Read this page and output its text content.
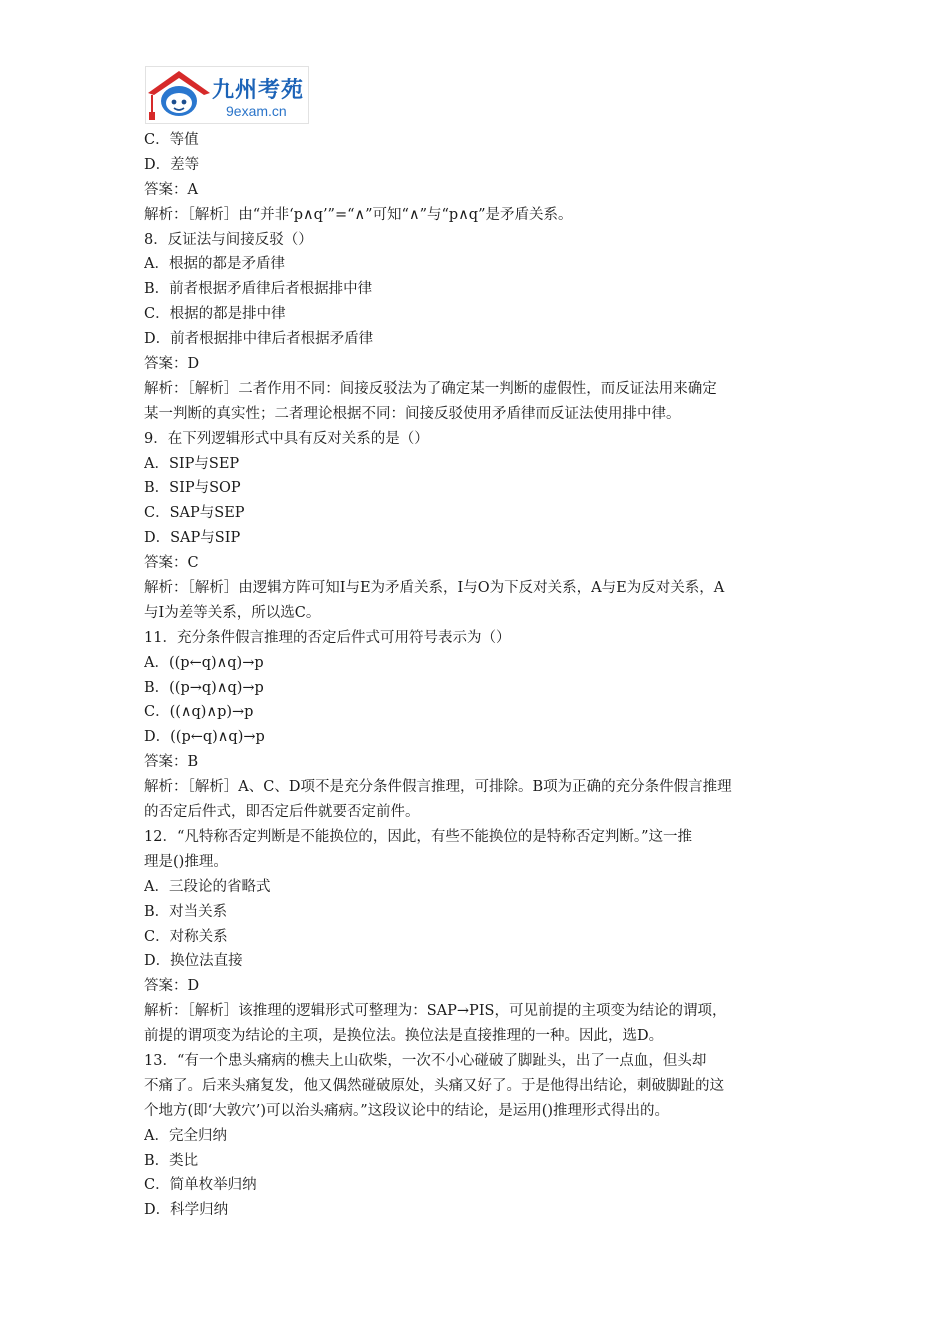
九州考苑
9exam.cn
C．等值
D．差等
答案：A
解析：［解析］由“并非‘p∧q’”=“∧”可知“∧”与“p∧q”是矛盾关系。
8．反证法与间接反驳（）
A．根据的都是矛盾律
B．前者根据矛盾律后者根据排中律
C．根据的都是排中律
D．前者根据排中律后者根据矛盾律
答案：D
解析：［解析］二者作用不同：间接反驳法为了确定某一判断的虚假性，而反证法用来确定
某一判断的真实性；二者理论根据不同：间接反驳使用矛盾律而反证法使用排中律。
9．在下列逻辑形式中具有反对关系的是（）
A．SIP与SEP
B．SIP与SOP
C．SAP与SEP
D．SAP与SIP
答案：C
解析：［解析］由逻辑方阵可知I与E为矛盾关系，I与O为下反对关系，A与E为反对关系，A
与I为差等关系，所以选C。
11．充分条件假言推理的否定后件式可用符号表示为（）
A．((p←q)∧q)→p
B．((p→q)∧q)→p
C．((∧q)∧p)→p
D．((p←q)∧q)→p
答案：B
解析：［解析］A、C、D项不是充分条件假言推理，可排除。B项为正确的充分条件假言推理
的否定后件式，即否定后件就要否定前件。
12．“凡特称否定判断是不能换位的，因此，有些不能换位的是特称否定判断。”这一推
理是()推理。
A．三段论的省略式
B．对当关系
C．对称关系
D．换位法直接
答案：D
解析：［解析］该推理的逻辑形式可整理为：SAP→PIS，可见前提的主项变为结论的谓项，
前提的谓项变为结论的主项，是换位法。换位法是直接推理的一种。因此，选D。
13．“有一个患头痛病的樵夫上山砍柴，一次不小心碰破了脚趾头，出了一点血，但头却
不痛了。后来头痛复发，他又偶然碰破原处，头痛又好了。于是他得出结论，刺破脚趾的这
个地方(即‘大敦穴’)可以治头痛病。”这段议论中的结论，是运用()推理形式得出的。
A．完全归纳
B．类比
C．简单枚举归纳
D．科学归纳
